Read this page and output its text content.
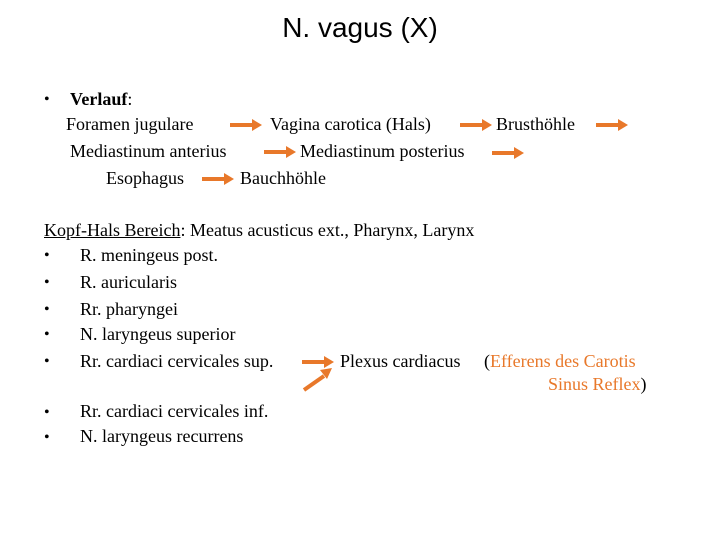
N. vagus (X)
• Verlauf:
Foramen jugulare	Vagina carotica (Hals)	Brusthöhle
Mediastinum anterius	Mediastinum posterius
Esophagus	Bauchhöhle
Kopf-Hals Bereich: Meatus acusticus ext., Pharynx, Larynx
• R. meningeus post.
• R. auricularis
• Rr. pharyngei
• N. laryngeus superior
• Rr. cardiaci cervicales sup.	Plexus cardiacus (Efferens des Carotis
Sinus Reflex)
• Rr. cardiaci cervicales inf.
• N. laryngeus recurrens
